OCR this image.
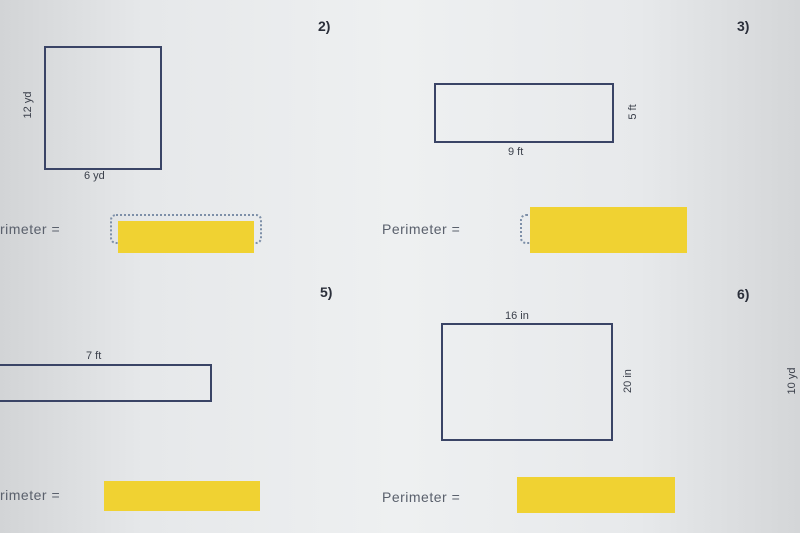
2)	3)
12 yd
6 yd
rimeter =
5 ft
9 ft
Perimeter =
5)	6)
7 ft
rimeter =
16 in
20 in
Perimeter =
10 yd
